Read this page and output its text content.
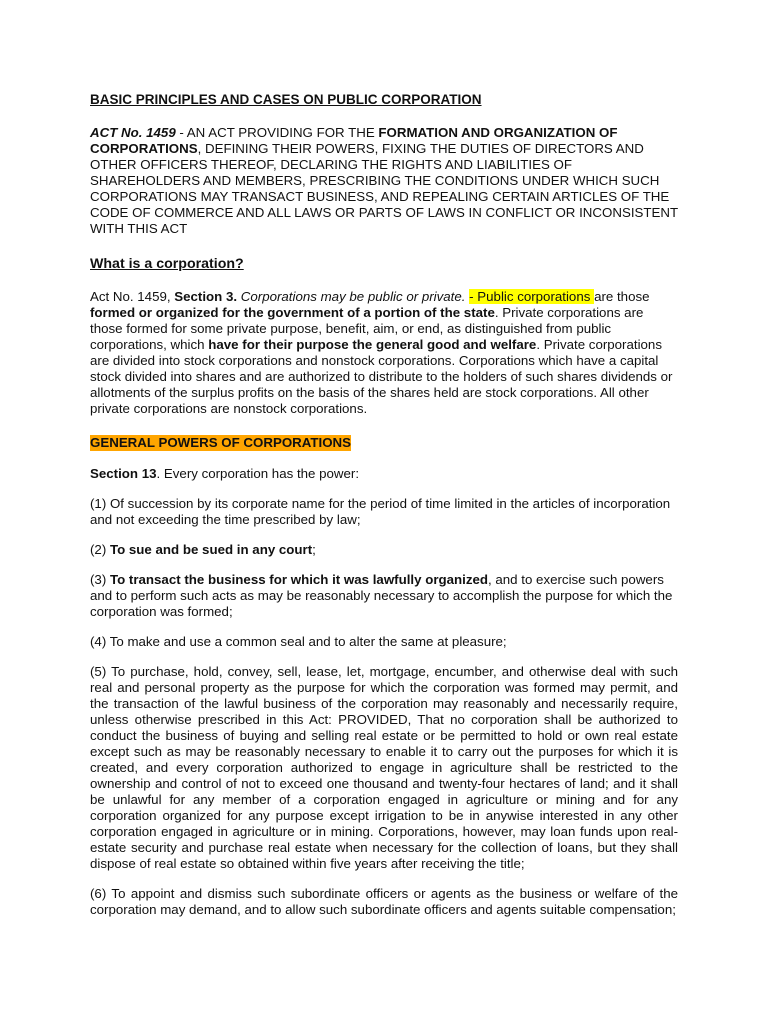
BASIC PRINCIPLES AND CASES ON PUBLIC CORPORATION

ACT No. 1459 - AN ACT PROVIDING FOR THE FORMATION AND ORGANIZATION OF CORPORATIONS, DEFINING THEIR POWERS, FIXING THE DUTIES OF DIRECTORS AND OTHER OFFICERS THEREOF, DECLARING THE RIGHTS AND LIABILITIES OF SHAREHOLDERS AND MEMBERS, PRESCRIBING THE CONDITIONS UNDER WHICH SUCH CORPORATIONS MAY TRANSACT BUSINESS, AND REPEALING CERTAIN ARTICLES OF THE CODE OF COMMERCE AND ALL LAWS OR PARTS OF LAWS IN CONFLICT OR INCONSISTENT WITH THIS ACT

What is a corporation?

Act No. 1459, Section 3. Corporations may be public or private. - Public corporations are those formed or organized for the government of a portion of the state. Private corporations are those formed for some private purpose, benefit, aim, or end, as distinguished from public corporations, which have for their purpose the general good and welfare. Private corporations are divided into stock corporations and nonstock corporations. Corporations which have a capital stock divided into shares and are authorized to distribute to the holders of such shares dividends or allotments of the surplus profits on the basis of the shares held are stock corporations. All other private corporations are nonstock corporations.

GENERAL POWERS OF CORPORATIONS

Section 13. Every corporation has the power:

(1) Of succession by its corporate name for the period of time limited in the articles of incorporation and not exceeding the time prescribed by law;

(2) To sue and be sued in any court;

(3) To transact the business for which it was lawfully organized, and to exercise such powers and to perform such acts as may be reasonably necessary to accomplish the purpose for which the corporation was formed;

(4) To make and use a common seal and to alter the same at pleasure;

(5) To purchase, hold, convey, sell, lease, let, mortgage, encumber, and otherwise deal with such real and personal property as the purpose for which the corporation was formed may permit, and the transaction of the lawful business of the corporation may reasonably and necessarily require, unless otherwise prescribed in this Act: PROVIDED, That no corporation shall be authorized to conduct the business of buying and selling real estate or be permitted to hold or own real estate except such as may be reasonably necessary to enable it to carry out the purposes for which it is created, and every corporation authorized to engage in agriculture shall be restricted to the ownership and control of not to exceed one thousand and twenty-four hectares of land; and it shall be unlawful for any member of a corporation engaged in agriculture or mining and for any corporation organized for any purpose except irrigation to be in anywise interested in any other corporation engaged in agriculture or in mining. Corporations, however, may loan funds upon real-estate security and purchase real estate when necessary for the collection of loans, but they shall dispose of real estate so obtained within five years after receiving the title;

(6) To appoint and dismiss such subordinate officers or agents as the business or welfare of the corporation may demand, and to allow such subordinate officers and agents suitable compensation;
